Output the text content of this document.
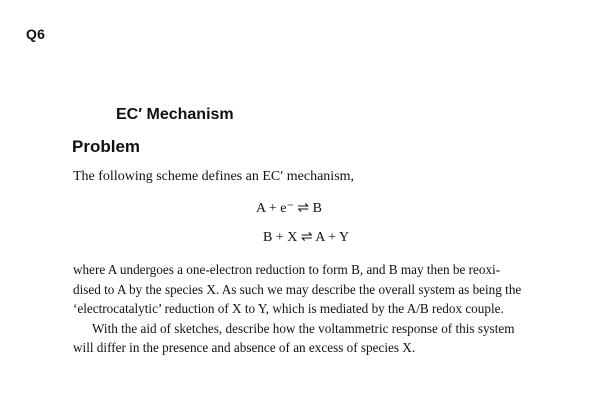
Q6
EC′ Mechanism
Problem
The following scheme defines an EC′ mechanism,
A + e⁻ ⇌ B
B + X ⇌ A + Y
where A undergoes a one-electron reduction to form B, and B may then be reoxi-
dised to A by the species X. As such we may describe the overall system as being the
‘electrocatalytic’ reduction of X to Y, which is mediated by the A/B redox couple.
With the aid of sketches, describe how the voltammetric response of this system
will differ in the presence and absence of an excess of species X.
